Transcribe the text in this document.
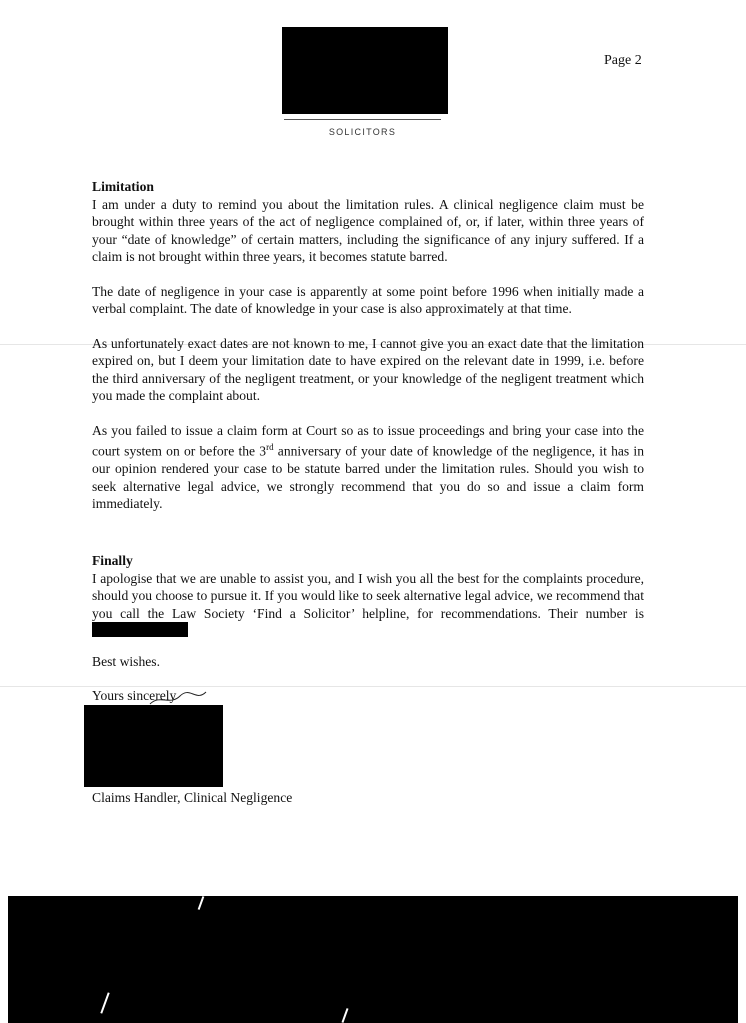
SOLICITORS
Page 2

Limitation

I am under a duty to remind you about the limitation rules. A clinical negligence claim must be brought within three years of the act of negligence complained of, or, if later, within three years of your “date of knowledge” of certain matters, including the significance of any injury suffered. If a claim is not brought within three years, it becomes statute barred.

The date of negligence in your case is apparently at some point before 1996 when initially made a verbal complaint. The date of knowledge in your case is also approximately at that time.

As unfortunately exact dates are not known to me, I cannot give you an exact date that the limitation expired on, but I deem your limitation date to have expired on the relevant date in 1999, i.e. before the third anniversary of the negligent treatment, or your knowledge of the negligent treatment which you made the complaint about.

As you failed to issue a claim form at Court so as to issue proceedings and bring your case into the court system on or before the 3rd anniversary of your date of knowledge of the negligence, it has in our opinion rendered your case to be statute barred under the limitation rules. Should you wish to seek alternative legal advice, we strongly recommend that you do so and issue a claim form immediately.

Finally

I apologise that we are unable to assist you, and I wish you all the best for the complaints procedure, should you choose to pursue it. If you would like to seek alternative legal advice, we recommend that you call the Law Society ‘Find a Solicitor’ helpline, for recommendations. Their number is

Best wishes.
Yours sincerely
Claims Handler, Clinical Negligence
